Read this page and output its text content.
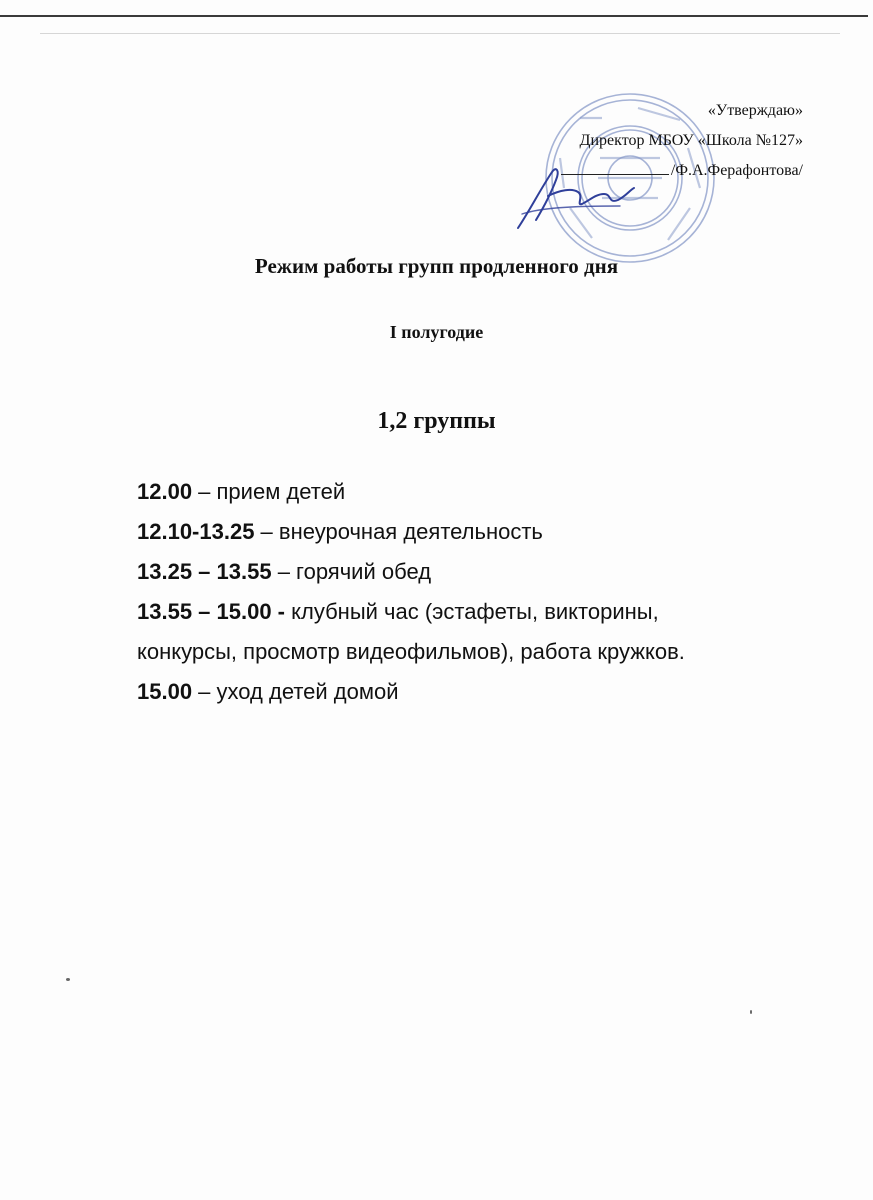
«Утверждаю»
Директор МБОУ «Школа №127»
/Ф.А.Ферафонтова/
Режим работы групп продленного дня
I полугодие
1,2 группы
12.00 – прием детей
12.10-13.25 – внеурочная деятельность
13.25 – 13.55 – горячий обед
13.55 – 15.00 - клубный час (эстафеты, викторины,
конкурсы, просмотр видеофильмов), работа кружков.
15.00 – уход детей домой
